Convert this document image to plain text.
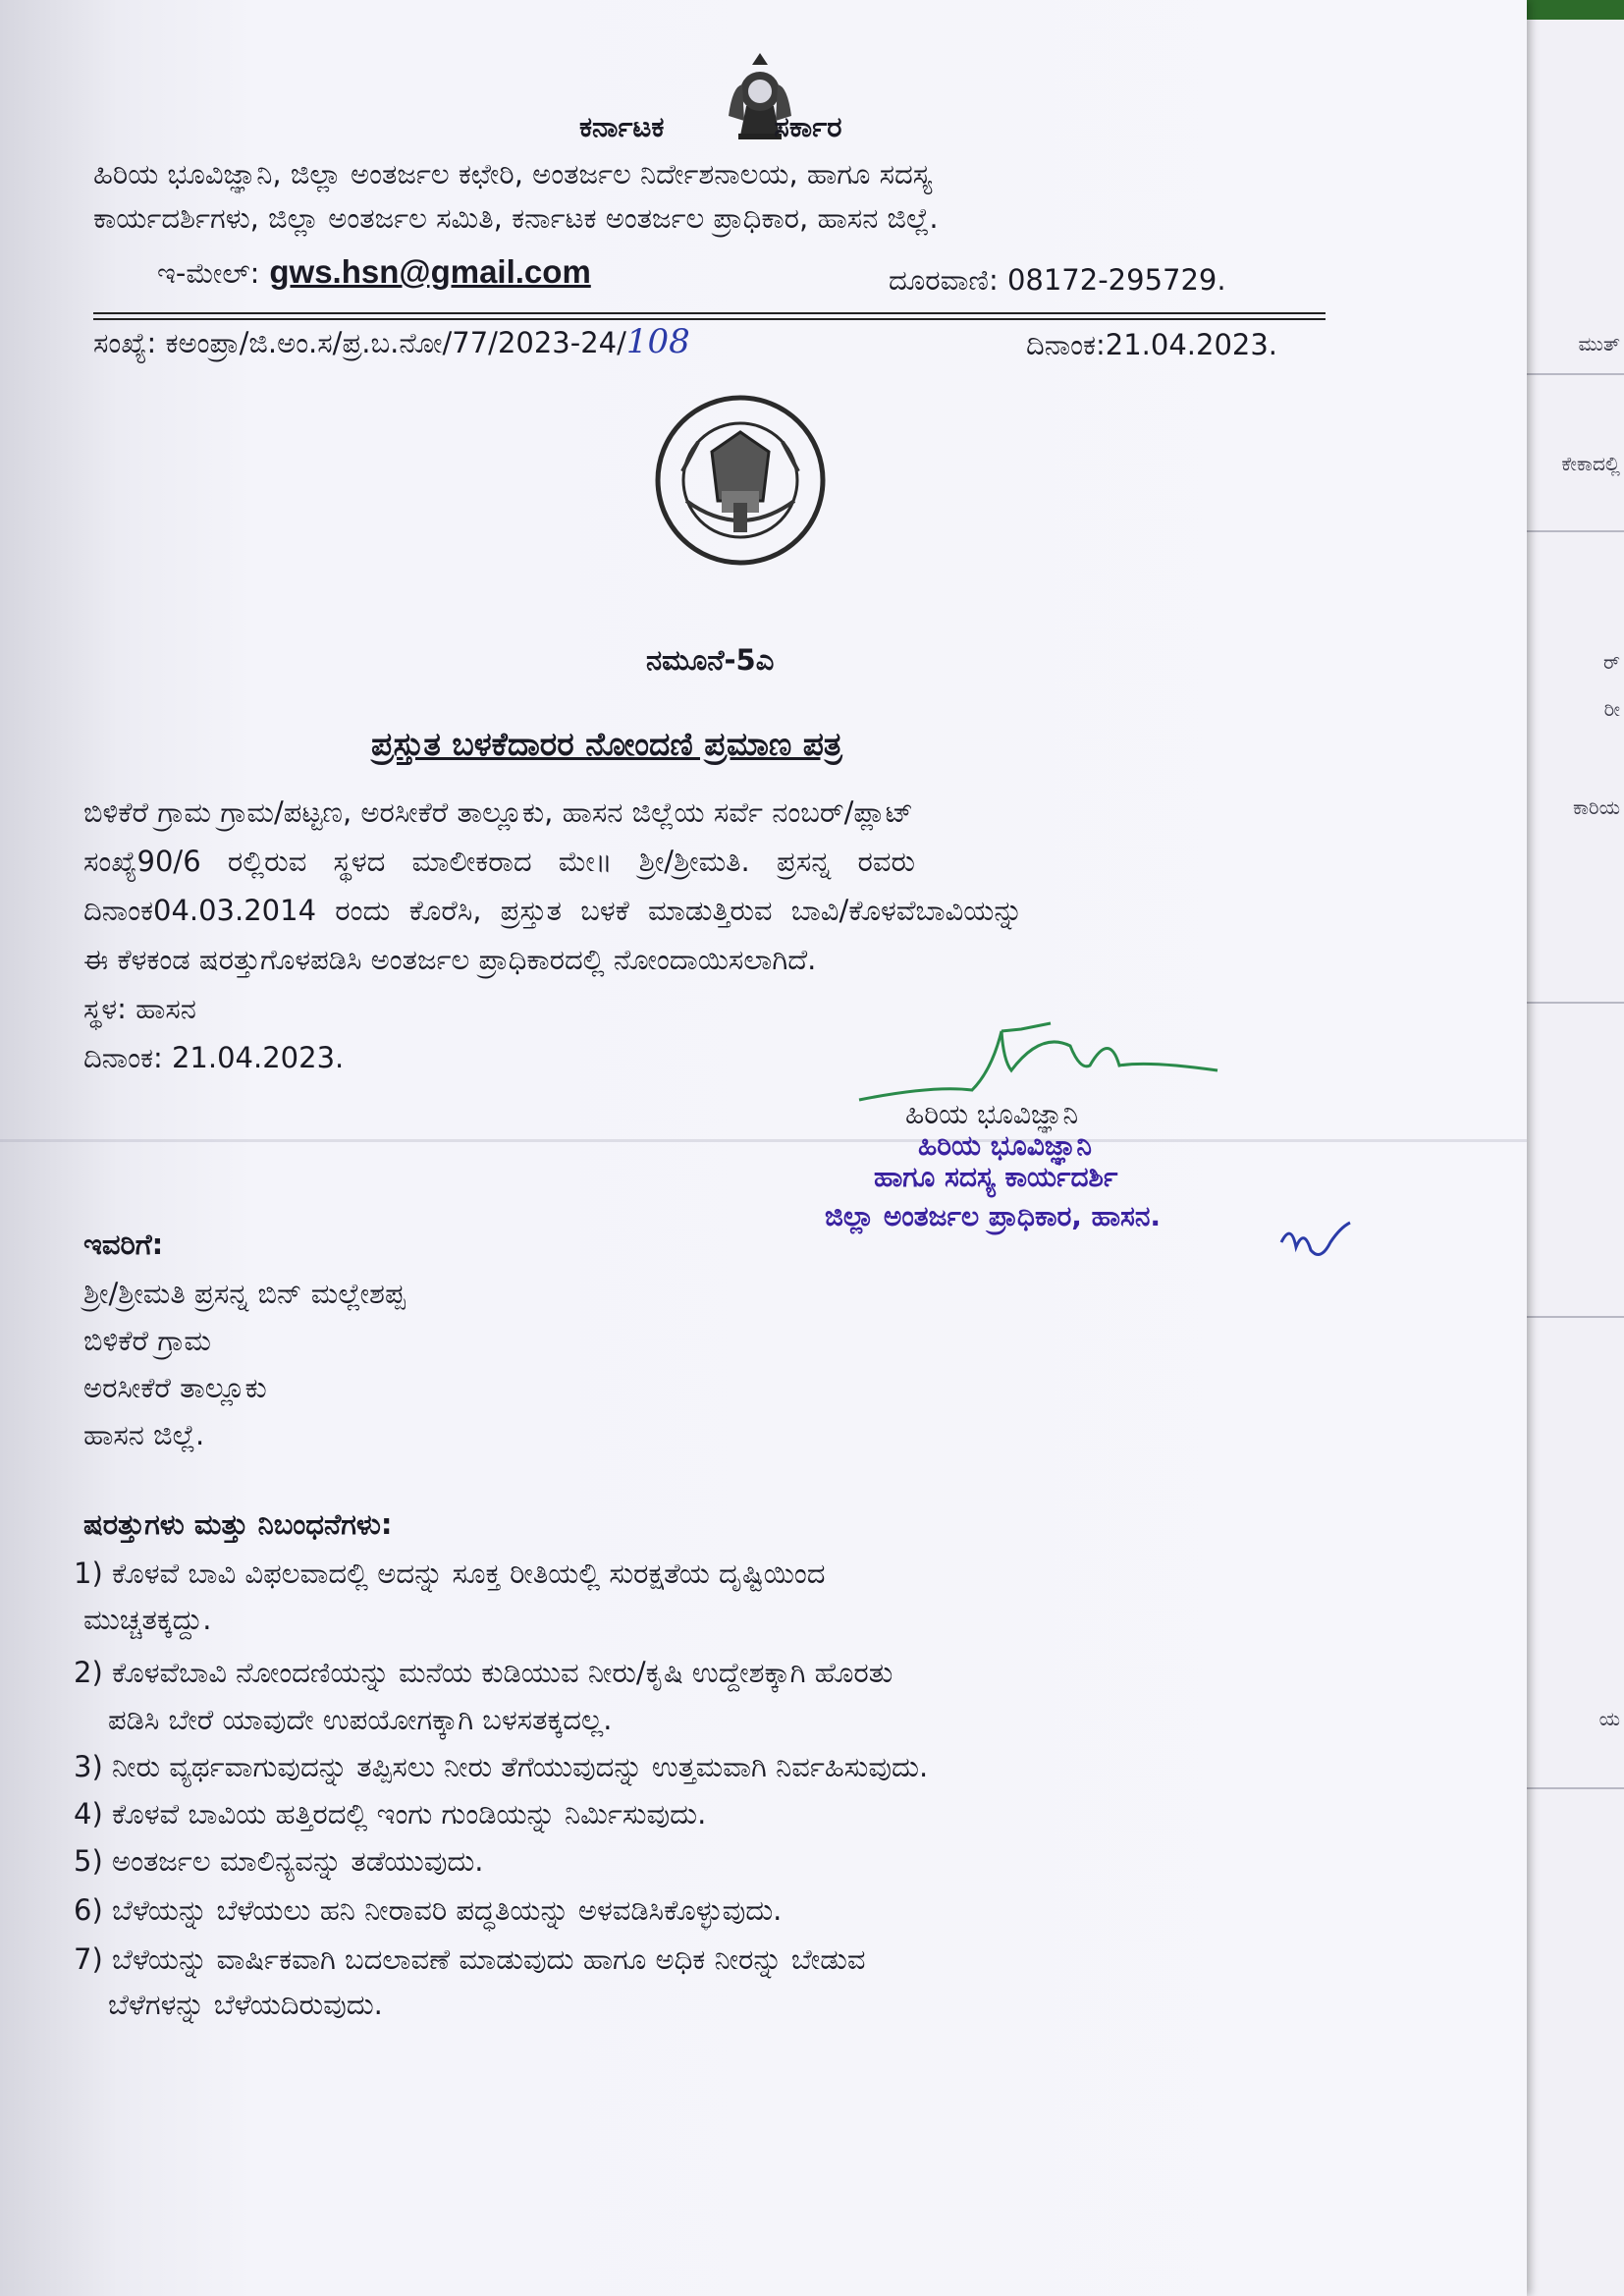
ಮುತ್
ಕೇಕಾದಲ್ಲಿ
ರ್
ರೀ
ಕಾರಿಯ
ಯ
ಕರ್ನಾಟಕ	ಸರ್ಕಾರ
ಹಿರಿಯ ಭೂವಿಜ್ಞಾನಿ, ಜಿಲ್ಲಾ ಅಂತರ್ಜಲ ಕಛೇರಿ, ಅಂತರ್ಜಲ ನಿರ್ದೇಶನಾಲಯ, ಹಾಗೂ ಸದಸ್ಯ
ಕಾರ್ಯದರ್ಶಿಗಳು, ಜಿಲ್ಲಾ ಅಂತರ್ಜಲ ಸಮಿತಿ, ಕರ್ನಾಟಕ ಅಂತರ್ಜಲ ಪ್ರಾಧಿಕಾರ, ಹಾಸನ ಜಿಲ್ಲೆ.
ಇ-ಮೇಲ್: gws.hsn@gmail.com	ದೂರವಾಣಿ: 08172-295729.
ಸಂಖ್ಯೆ: ಕಅಂಪ್ರಾ/ಜಿ.ಅಂ.ಸ/ಪ್ರ.ಬ.ನೋ/77/2023-24/108	ದಿನಾಂಕ:21.04.2023.
ನಮೂನೆ-5ಎ
ಪ್ರಸ್ತುತ ಬಳಕೆದಾರರ ನೋಂದಣಿ ಪ್ರಮಾಣ ಪತ್ರ
ಬಿಳಿಕೆರೆ ಗ್ರಾಮ ಗ್ರಾಮ/ಪಟ್ಟಣ, ಅರಸೀಕೆರೆ ತಾಲ್ಲೂಕು, ಹಾಸನ ಜಿಲ್ಲೆಯ ಸರ್ವೆ ನಂಬರ್/ಪ್ಲಾಟ್
ಸಂಖ್ಯೆ90/6 ರಲ್ಲಿರುವ ಸ್ಥಳದ ಮಾಲೀಕರಾದ ಮೇ॥ ಶ್ರೀ/ಶ್ರೀಮತಿ. ಪ್ರಸನ್ನ ರವರು
ದಿನಾಂಕ04.03.2014 ರಂದು ಕೊರೆಸಿ, ಪ್ರಸ್ತುತ ಬಳಕೆ ಮಾಡುತ್ತಿರುವ ಬಾವಿ/ಕೊಳವೆಬಾವಿಯನ್ನು
ಈ ಕೆಳಕಂಡ ಷರತ್ತುಗೊಳಪಡಿಸಿ ಅಂತರ್ಜಲ ಪ್ರಾಧಿಕಾರದಲ್ಲಿ ನೋಂದಾಯಿಸಲಾಗಿದೆ.
ಸ್ಥಳ: ಹಾಸನ
ದಿನಾಂಕ: 21.04.2023.
ಹಿರಿಯ ಭೂವಿಜ್ಞಾನಿ
ಹಿರಿಯ ಭೂವಿಜ್ಞಾನಿ
ಹಾಗೂ ಸದಸ್ಯ ಕಾರ್ಯದರ್ಶಿ
ಜಿಲ್ಲಾ ಅಂತರ್ಜಲ ಪ್ರಾಧಿಕಾರ, ಹಾಸನ.
ಇವರಿಗೆ:
ಶ್ರೀ/ಶ್ರೀಮತಿ ಪ್ರಸನ್ನ ಬಿನ್ ಮಲ್ಲೇಶಪ್ಪ
ಬಿಳಿಕೆರೆ ಗ್ರಾಮ
ಅರಸೀಕೆರೆ ತಾಲ್ಲೂಕು
ಹಾಸನ ಜಿಲ್ಲೆ.
ಷರತ್ತುಗಳು ಮತ್ತು ನಿಬಂಧನೆಗಳು:
1) ಕೊಳವೆ ಬಾವಿ ವಿಫಲವಾದಲ್ಲಿ ಅದನ್ನು ಸೂಕ್ತ ರೀತಿಯಲ್ಲಿ ಸುರಕ್ಷತೆಯ ದೃಷ್ಟಿಯಿಂದ
ಮುಚ್ಚತಕ್ಕದ್ದು.
2) ಕೊಳವೆಬಾವಿ ನೋಂದಣಿಯನ್ನು ಮನೆಯ ಕುಡಿಯುವ ನೀರು/ಕೃಷಿ ಉದ್ದೇಶಕ್ಕಾಗಿ ಹೊರತು
ಪಡಿಸಿ ಬೇರೆ ಯಾವುದೇ ಉಪಯೋಗಕ್ಕಾಗಿ ಬಳಸತಕ್ಕದಲ್ಲ.
3) ನೀರು ವ್ಯರ್ಥವಾಗುವುದನ್ನು ತಪ್ಪಿಸಲು ನೀರು ತೆಗೆಯುವುದನ್ನು ಉತ್ತಮವಾಗಿ ನಿರ್ವಹಿಸುವುದು.
4) ಕೊಳವೆ ಬಾವಿಯ ಹತ್ತಿರದಲ್ಲಿ ಇಂಗು ಗುಂಡಿಯನ್ನು ನಿರ್ಮಿಸುವುದು.
5) ಅಂತರ್ಜಲ ಮಾಲಿನ್ಯವನ್ನು ತಡೆಯುವುದು.
6) ಬೆಳೆಯನ್ನು ಬೆಳೆಯಲು ಹನಿ ನೀರಾವರಿ ಪದ್ಧತಿಯನ್ನು ಅಳವಡಿಸಿಕೊಳ್ಳುವುದು.
7) ಬೆಳೆಯನ್ನು ವಾರ್ಷಿಕವಾಗಿ ಬದಲಾವಣೆ ಮಾಡುವುದು ಹಾಗೂ ಅಧಿಕ ನೀರನ್ನು ಬೇಡುವ
ಬೆಳೆಗಳನ್ನು ಬೆಳೆಯದಿರುವುದು.
